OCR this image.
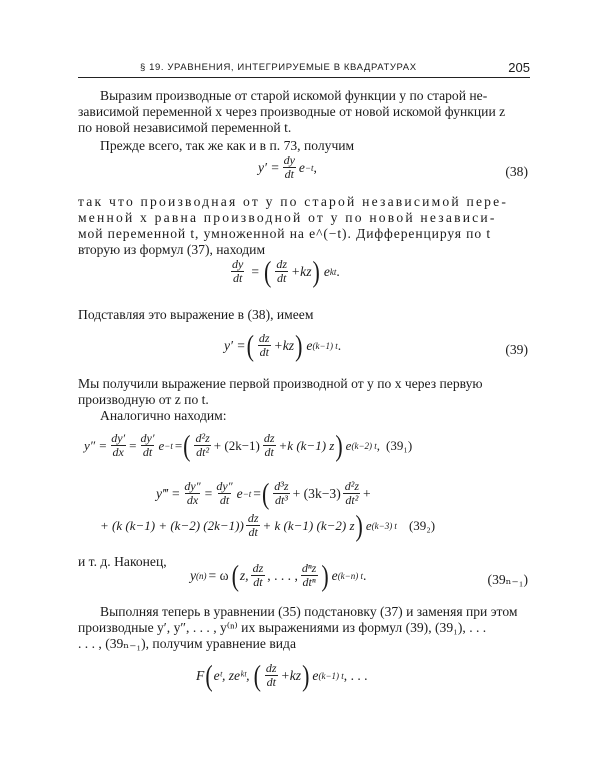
§ 19. УРАВНЕНИЯ, ИНТЕГРИРУЕМЫЕ В КВАДРАТУРАХ	205
Выразим производные от старой искомой функции y по старой не-
зависимой переменной x через производные от новой искомой функции z
по новой независимой переменной t.
Прежде всего, так же как и в п. 73, получим
$y' = \frac{dy}{dt}$ e −t ,	(38)
так что производная от y по старой независимой пере-
менной x равна производной от y по новой независи-
мой переменной t, умноженной на e^(−t). Дифференцируя по t
вторую из формул (37), находим
$\frac{dy}{dt}$ = ( $\frac{dz}{dt} +kz$ ) e kt .
Подставляя это выражение в (38), имеем
y′ = ( $\frac{dz}{dt} +kz$ ) e (k−1) t .	(39)
Мы получили выражение первой производной от y по x через первую
производную от z по t.
Аналогично находим:
$y'' = \frac{dy'}{dx} = \frac{dy'}{dt}$ e −t = ( $\frac{\text{d²z}}{\text{dt²}} + (2k-1) \frac{dz}{dt} +k$ (k−1) z ) e (k−2) t , (39₁)
y‴ = $\frac{dy''}{dx} = \frac{dy''}{dt}$ e −t = ( $\frac{\text{d³z}}{\text{dt³}} + (3k-3) \frac{\text{d²z}}{\text{dt²}}$ +
+ (k (k−1) + (k−2) $(2k-1)) \frac{dz}{dt} + k$ (k−1) (k−2) z ) e (k−3) t (39₂)
и т. д. Наконец,
y (n) = ω ( z, $\frac{dz}{dt}$ , . . . , $\frac{\text{dⁿz}}{\text{dtⁿ}}$ ) e (k−n) t .	(39ₙ₋₁)
Выполняя теперь в уравнении (35) подстановку (37) и заменяя при этом
производные y′, y″, . . . , y⁽ⁿ⁾ их выражениями из формул (39), (39₁), . . .
. . . , (39ₙ₋₁), получим уравнение вида
F ( eᵗ, zeᵏᵗ, ( $\frac{dz}{dt} +kz$ ) e (k−1) t , . . .
